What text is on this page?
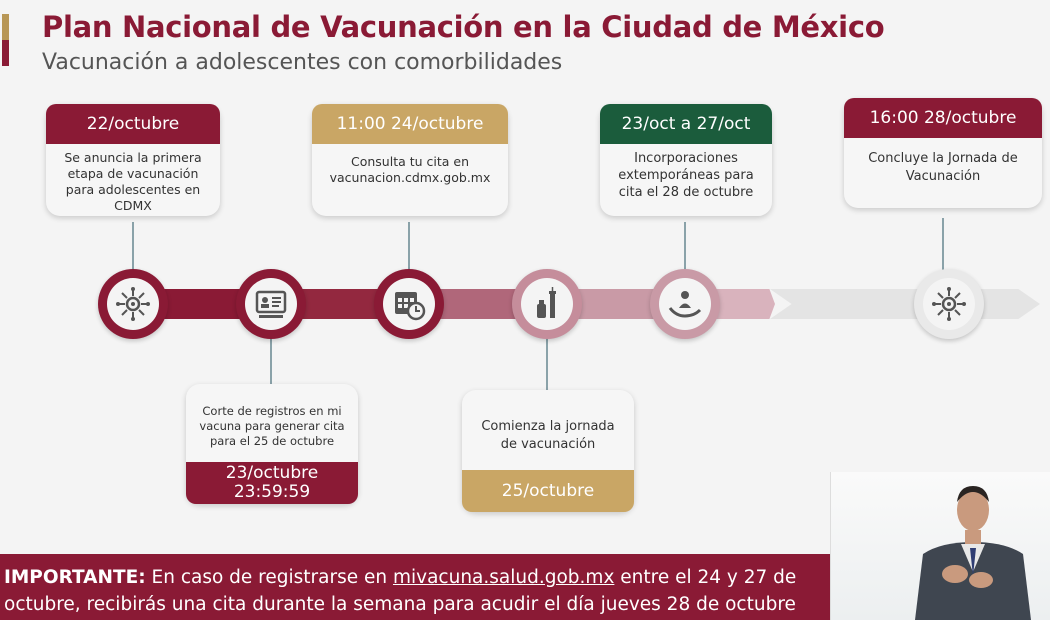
Plan Nacional de Vacunación en la Ciudad de México
Vacunación a adolescentes con comorbilidades
22/octubre
Se anuncia la primera etapa de vacunación para adolescentes en CDMX
11:00 24/octubre
Consulta tu cita en vacunacion.cdmx.gob.mx
23/oct a 27/oct
Incorporaciones extemporáneas para cita el 28 de octubre
16:00 28/octubre
Concluye la Jornada de Vacunación
Corte de registros en mi vacuna para generar cita para el 25 de octubre
23/octubre 23:59:59
Comienza la jornada de vacunación
25/octubre
IMPORTANTE: En caso de registrarse en mivacuna.salud.gob.mx entre el 24 y 27 de
octubre, recibirás una cita durante la semana para acudir el día jueves 28 de octubre
